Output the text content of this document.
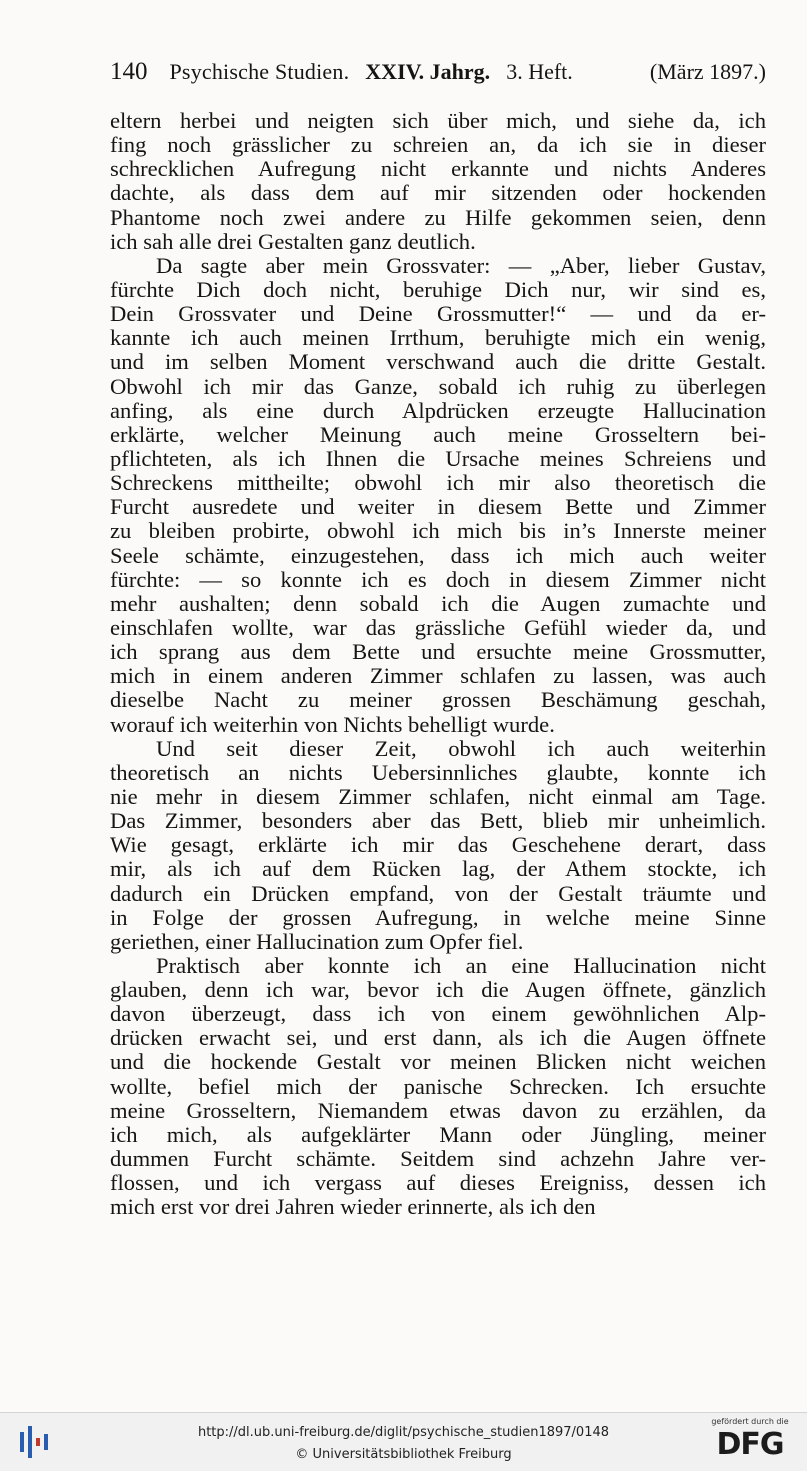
140 Psychische Studien. XXIV. Jahrg. 3. Heft.	(März 1897.)
eltern herbei und neigten sich über mich, und siehe da, ich
fing noch grässlicher zu schreien an, da ich sie in dieser
schrecklichen Aufregung nicht erkannte und nichts Anderes
dachte, als dass dem auf mir sitzenden oder hockenden
Phantome noch zwei andere zu Hilfe gekommen seien, denn
ich sah alle drei Gestalten ganz deutlich.
Da sagte aber mein Grossvater: — „Aber, lieber Gustav,
fürchte Dich doch nicht, beruhige Dich nur, wir sind es,
Dein Grossvater und Deine Grossmutter!“ — und da er-
kannte ich auch meinen Irrthum, beruhigte mich ein wenig,
und im selben Moment verschwand auch die dritte Gestalt.
Obwohl ich mir das Ganze, sobald ich ruhig zu überlegen
anfing, als eine durch Alpdrücken erzeugte Hallucination
erklärte, welcher Meinung auch meine Grosseltern bei-
pflichteten, als ich Ihnen die Ursache meines Schreiens und
Schreckens mittheilte; obwohl ich mir also theoretisch die
Furcht ausredete und weiter in diesem Bette und Zimmer
zu bleiben probirte, obwohl ich mich bis in’s Innerste meiner
Seele schämte, einzugestehen, dass ich mich auch weiter
fürchte: — so konnte ich es doch in diesem Zimmer nicht
mehr aushalten; denn sobald ich die Augen zumachte und
einschlafen wollte, war das grässliche Gefühl wieder da, und
ich sprang aus dem Bette und ersuchte meine Grossmutter,
mich in einem anderen Zimmer schlafen zu lassen, was auch
dieselbe Nacht zu meiner grossen Beschämung geschah,
worauf ich weiterhin von Nichts behelligt wurde.
Und seit dieser Zeit, obwohl ich auch weiterhin
theoretisch an nichts Uebersinnliches glaubte, konnte ich
nie mehr in diesem Zimmer schlafen, nicht einmal am Tage.
Das Zimmer, besonders aber das Bett, blieb mir unheimlich.
Wie gesagt, erklärte ich mir das Geschehene derart, dass
mir, als ich auf dem Rücken lag, der Athem stockte, ich
dadurch ein Drücken empfand, von der Gestalt träumte und
in Folge der grossen Aufregung, in welche meine Sinne
geriethen, einer Hallucination zum Opfer fiel.
Praktisch aber konnte ich an eine Hallucination nicht
glauben, denn ich war, bevor ich die Augen öffnete, gänzlich
davon überzeugt, dass ich von einem gewöhnlichen Alp-
drücken erwacht sei, und erst dann, als ich die Augen öffnete
und die hockende Gestalt vor meinen Blicken nicht weichen
wollte, befiel mich der panische Schrecken. Ich ersuchte
meine Grosseltern, Niemandem etwas davon zu erzählen, da
ich mich, als aufgeklärter Mann oder Jüngling, meiner
dummen Furcht schämte. Seitdem sind achzehn Jahre ver-
flossen, und ich vergass auf dieses Ereigniss, dessen ich
mich erst vor drei Jahren wieder erinnerte, als ich den
http://dl.ub.uni-freiburg.de/diglit/psychische_studien1897/0148
© Universitätsbibliothek Freiburg
gefördert durch die
DFG
